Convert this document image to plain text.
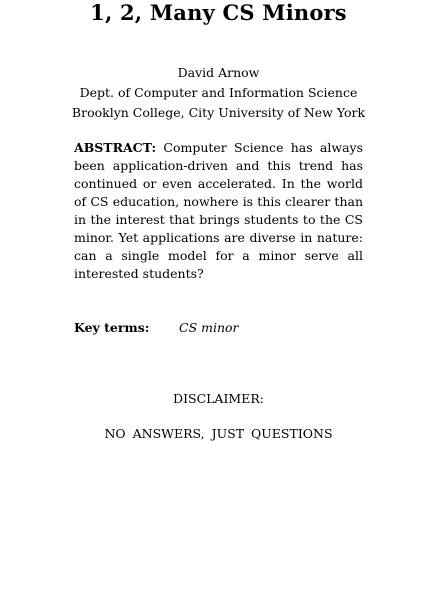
1, 2, Many CS Minors
David Arnow
Dept. of Computer and Information Science
Brooklyn College, City University of New York

ABSTRACT: Computer Science has always been application-driven and this trend has continued or even accelerated. In the world of CS education, nowhere is this clearer than in the interest that brings students to the CS minor. Yet applications are diverse in nature: can a single model for a minor serve all interested students?

Key terms: CS minor
DISCLAIMER:
NO ANSWERS, JUST QUESTIONS
